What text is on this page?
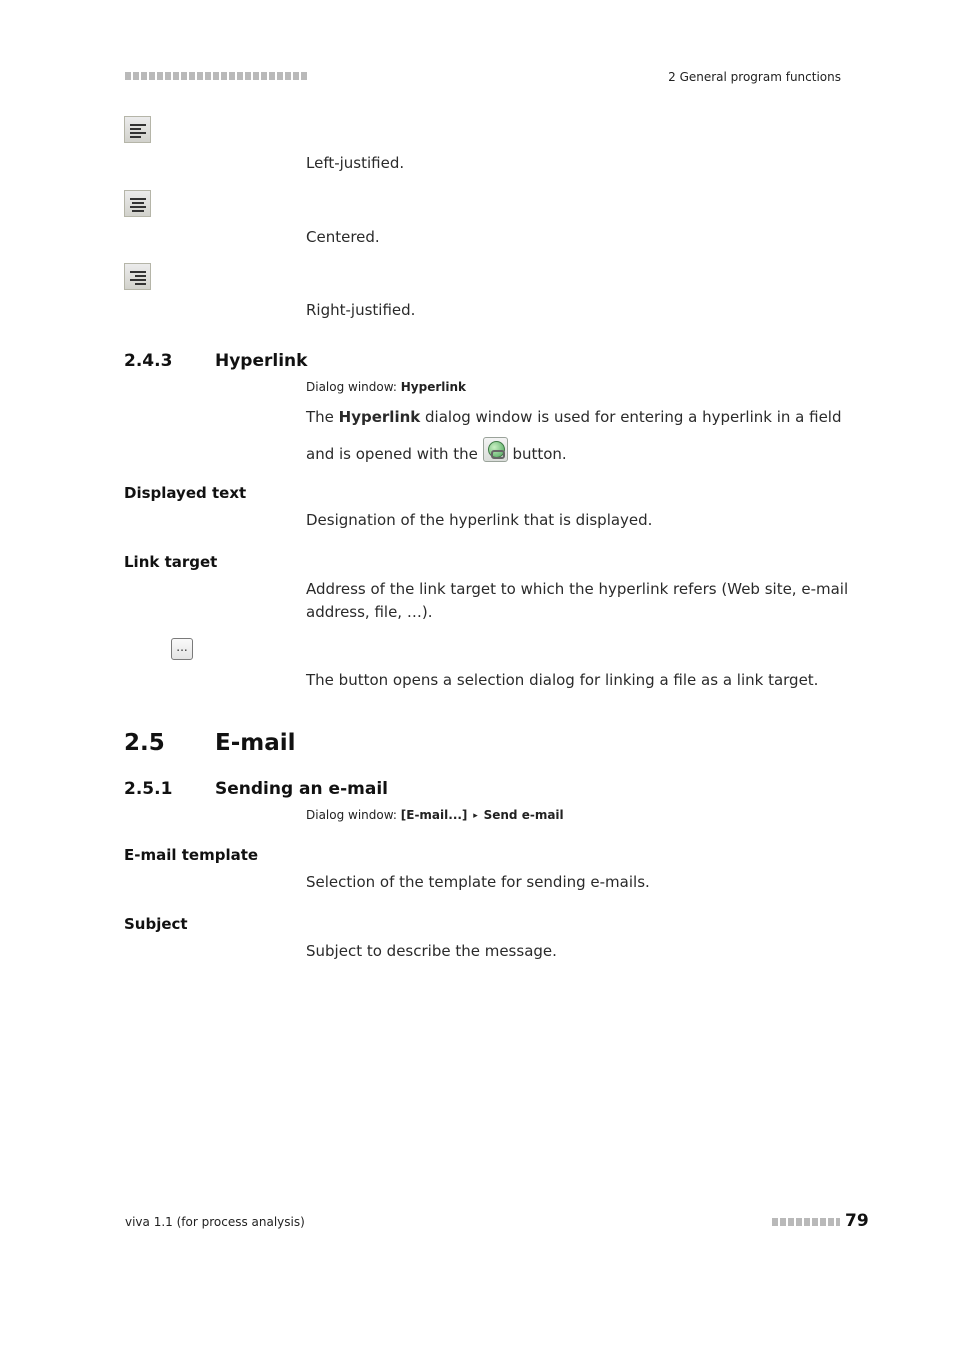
2 General program functions
Left-justified.
Centered.
Right-justified.
2.4.3	Hyperlink
Dialog window: Hyperlink
The Hyperlink dialog window is used for entering a hyperlink in a field
and is opened with the
button.
Displayed text
Designation of the hyperlink that is displayed.
Link target
Address of the link target to which the hyperlink refers (Web site, e-mail
address, file, …).
...
The button opens a selection dialog for linking a file as a link target.
2.5 E-mail
2.5.1	Sending an e-mail
Dialog window: [E-mail...] ▸ Send e-mail
E-mail template
Selection of the template for sending e-mails.
Subject
Subject to describe the message.
viva 1.1 (for process analysis)	79
